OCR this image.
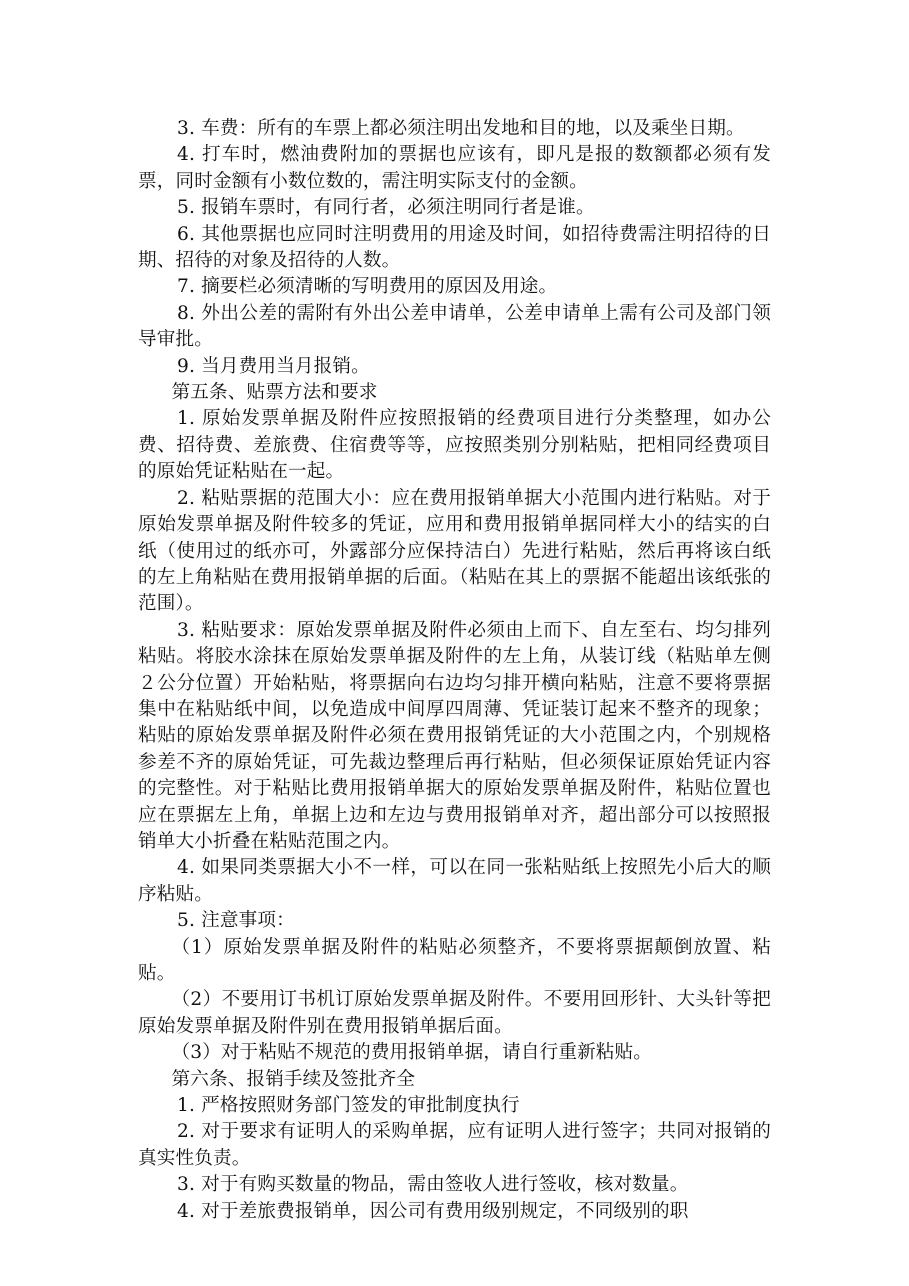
3. 车费：所有的车票上都必须注明出发地和目的地，以及乘坐日期。

4. 打车时，燃油费附加的票据也应该有，即凡是报的数额都必须有发票，同时金额有小数位数的，需注明实际支付的金额。

5. 报销车票时，有同行者，必须注明同行者是谁。

6. 其他票据也应同时注明费用的用途及时间，如招待费需注明招待的日期、招待的对象及招待的人数。

7. 摘要栏必须清晰的写明费用的原因及用途。

8. 外出公差的需附有外出公差申请单，公差申请单上需有公司及部门领导审批。

9. 当月费用当月报销。

第五条、贴票方法和要求

1. 原始发票单据及附件应按照报销的经费项目进行分类整理，如办公费、招待费、差旅费、住宿费等等，应按照类别分别粘贴，把相同经费项目的原始凭证粘贴在一起。

2. 粘贴票据的范围大小：应在费用报销单据大小范围内进行粘贴。对于原始发票单据及附件较多的凭证，应用和费用报销单据同样大小的结实的白纸（使用过的纸亦可，外露部分应保持洁白）先进行粘贴，然后再将该白纸的左上角粘贴在费用报销单据的后面。（粘贴在其上的票据不能超出该纸张的范围）。

3. 粘贴要求：原始发票单据及附件必须由上而下、自左至右、均匀排列粘贴。将胶水涂抹在原始发票单据及附件的左上角，从装订线（粘贴单左侧２公分位置）开始粘贴，将票据向右边均匀排开横向粘贴，注意不要将票据集中在粘贴纸中间，以免造成中间厚四周薄、凭证装订起来不整齐的现象；粘贴的原始发票单据及附件必须在费用报销凭证的大小范围之内，个别规格参差不齐的原始凭证，可先裁边整理后再行粘贴，但必须保证原始凭证内容的完整性。对于粘贴比费用报销单据大的原始发票单据及附件，粘贴位置也应在票据左上角，单据上边和左边与费用报销单对齐，超出部分可以按照报销单大小折叠在粘贴范围之内。

4. 如果同类票据大小不一样，可以在同一张粘贴纸上按照先小后大的顺序粘贴。

5. 注意事项：

（1）原始发票单据及附件的粘贴必须整齐，不要将票据颠倒放置、粘贴。

（2）不要用订书机订原始发票单据及附件。不要用回形针、大头针等把原始发票单据及附件别在费用报销单据后面。

（3）对于粘贴不规范的费用报销单据，请自行重新粘贴。

第六条、报销手续及签批齐全

1. 严格按照财务部门签发的审批制度执行

2. 对于要求有证明人的采购单据，应有证明人进行签字；共同对报销的真实性负责。

3. 对于有购买数量的物品，需由签收人进行签收，核对数量。

4. 对于差旅费报销单，因公司有费用级别规定，不同级别的职
